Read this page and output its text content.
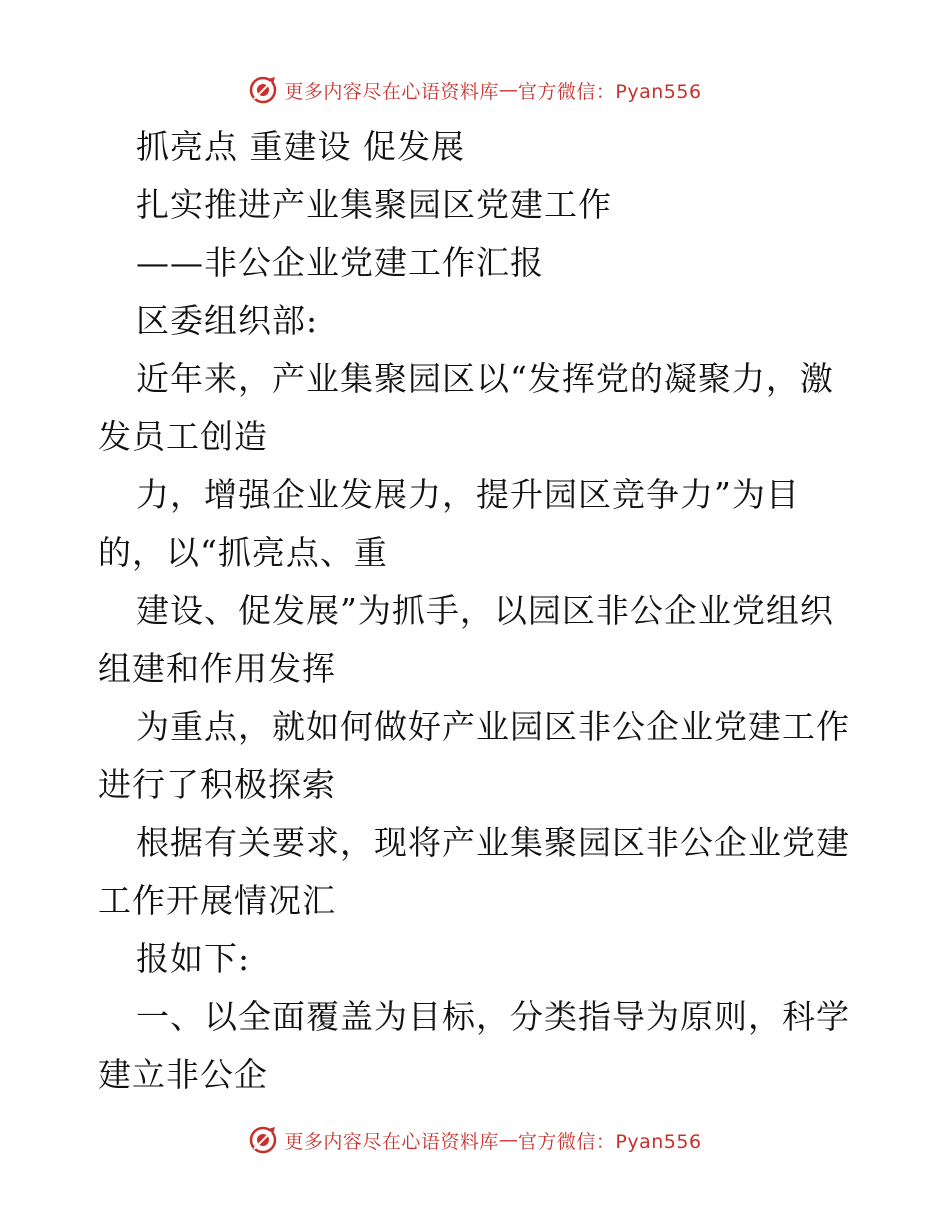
更多内容尽在心语资料库 — 官方微信：Pyan556
抓亮点 重建设 促发展
扎实推进产业集聚园区党建工作
——非公企业党建工作汇报
区委组织部:
近年来，产业集聚园区以“发挥党的凝聚力，激
发员工创造
力，增强企业发展力，提升园区竞争力”为目
的，以“抓亮点、重
建设、促发展”为抓手，以园区非公企业党组织
组建和作用发挥
为重点，就如何做好产业园区非公企业党建工作
进行了积极探索
根据有关要求，现将产业集聚园区非公企业党建
工作开展情况汇
报如下:
一、以全面覆盖为目标，分类指导为原则，科学
建立非公企
更多内容尽在心语资料库 — 官方微信：Pyan556
